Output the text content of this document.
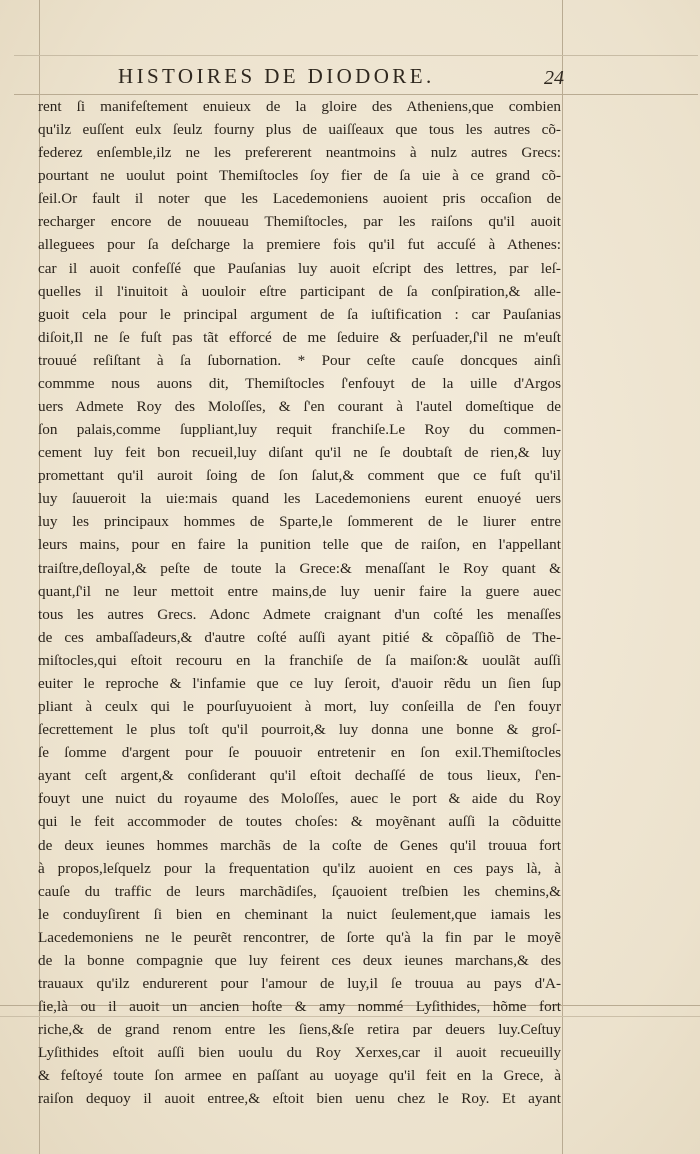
HISTOIRES DE DIODORE.	24
rent ſi manifeſtement enuieux de la gloire des Atheniens,que combien
qu'ilz euſſent eulx ſeulz fourny plus de uaiſſeaux que tous les autres cõ-
federez enſemble,ilz ne les prefererent neantmoins à nulz autres Grecs:
pourtant ne uoulut point Themiſtocles ſoy fier de ſa uie à ce grand cõ-
ſeil.Or fault il noter que les Lacedemoniens auoient pris occaſion de
recharger encore de nouueau Themiſtocles, par les raiſons qu'il auoit
alleguees pour ſa deſcharge la premiere fois qu'il fut accuſé à Athenes:
car il auoit confeſſé que Pauſanias luy auoit eſcript des lettres, par leſ-
quelles il l'inuitoit à uouloir eſtre participant de ſa conſpiration,& alle-
guoit cela pour le principal argument de ſa iuſtification : car Pauſanias
diſoit,Il ne ſe fuſt pas tãt efforcé de me ſeduire & perſuader,ſ'il ne m'euſt
trouué reſiſtant à ſa ſubornation. * Pour ceſte cauſe doncques ainſi
commme nous auons dit, Themiſtocles ſ'enfouyt de la uille d'Argos
uers Admete Roy des Moloſſes, & ſ'en courant à l'autel domeſtique de
ſon palais,comme ſuppliant,luy requit franchiſe.Le Roy du commen-
cement luy feit bon recueil,luy diſant qu'il ne ſe doubtaſt de rien,& luy
promettant qu'il auroit ſoing de ſon ſalut,& comment que ce fuſt qu'il
luy ſauueroit la uie:mais quand les Lacedemoniens eurent enuoyé uers
luy les principaux hommes de Sparte,le ſommerent de le liurer entre
leurs mains, pour en faire la punition telle que de raiſon, en l'appellant
traiſtre,deſloyal,& peſte de toute la Grece:& menaſſant le Roy quant &
quant,ſ'il ne leur mettoit entre mains,de luy uenir faire la guere auec
tous les autres Grecs. Adonc Admete craignant d'un coſté les menaſſes
de ces ambaſſadeurs,& d'autre coſté auſſi ayant pitié & cõpaſſiõ de The-
miſtocles,qui eſtoit recouru en la franchiſe de ſa maiſon:& uoulãt auſſi
euiter le reproche & l'infamie que ce luy ſeroit, d'auoir rẽdu un ſien ſup
pliant à ceulx qui le pourſuyuoient à mort, luy conſeilla de ſ'en fouyr
ſecrettement le plus toſt qu'il pourroit,& luy donna une bonne & groſ-
ſe ſomme d'argent pour ſe pouuoir entretenir en ſon exil.Themiſtocles
ayant ceſt argent,& conſiderant qu'il eſtoit dechaſſé de tous lieux, ſ'en-
fouyt une nuict du royaume des Moloſſes, auec le port & aide du Roy
qui le feit accommoder de toutes choſes: & moyẽnant auſſi la cõduitte
de deux ieunes hommes marchãs de la coſte de Genes qu'il trouua fort
à propos,leſquelz pour la frequentation qu'ilz auoient en ces pays là, à
cauſe du traffic de leurs marchãdiſes, ſçauoient treſbien les chemins,&
le conduyſirent ſi bien en cheminant la nuict ſeulement,que iamais les
Lacedemoniens ne le peurẽt rencontrer, de ſorte qu'à la fin par le moyẽ
de la bonne compagnie que luy feirent ces deux ieunes marchans,& des
trauaux qu'ilz endurerent pour l'amour de luy,il ſe trouua au pays d'A-
ſie,là ou il auoit un ancien hoſte & amy nommé Lyſithides, hõme fort
riche,& de grand renom entre les ſiens,&ſe retira par deuers luy.Ceſtuy
Lyſithides eſtoit auſſi bien uoulu du Roy Xerxes,car il auoit recueuilly
& feſtoyé toute ſon armee en paſſant au uoyage qu'il feit en la Grece, à
raiſon dequoy il auoit entree,& eſtoit bien uenu chez le Roy. Et ayant
